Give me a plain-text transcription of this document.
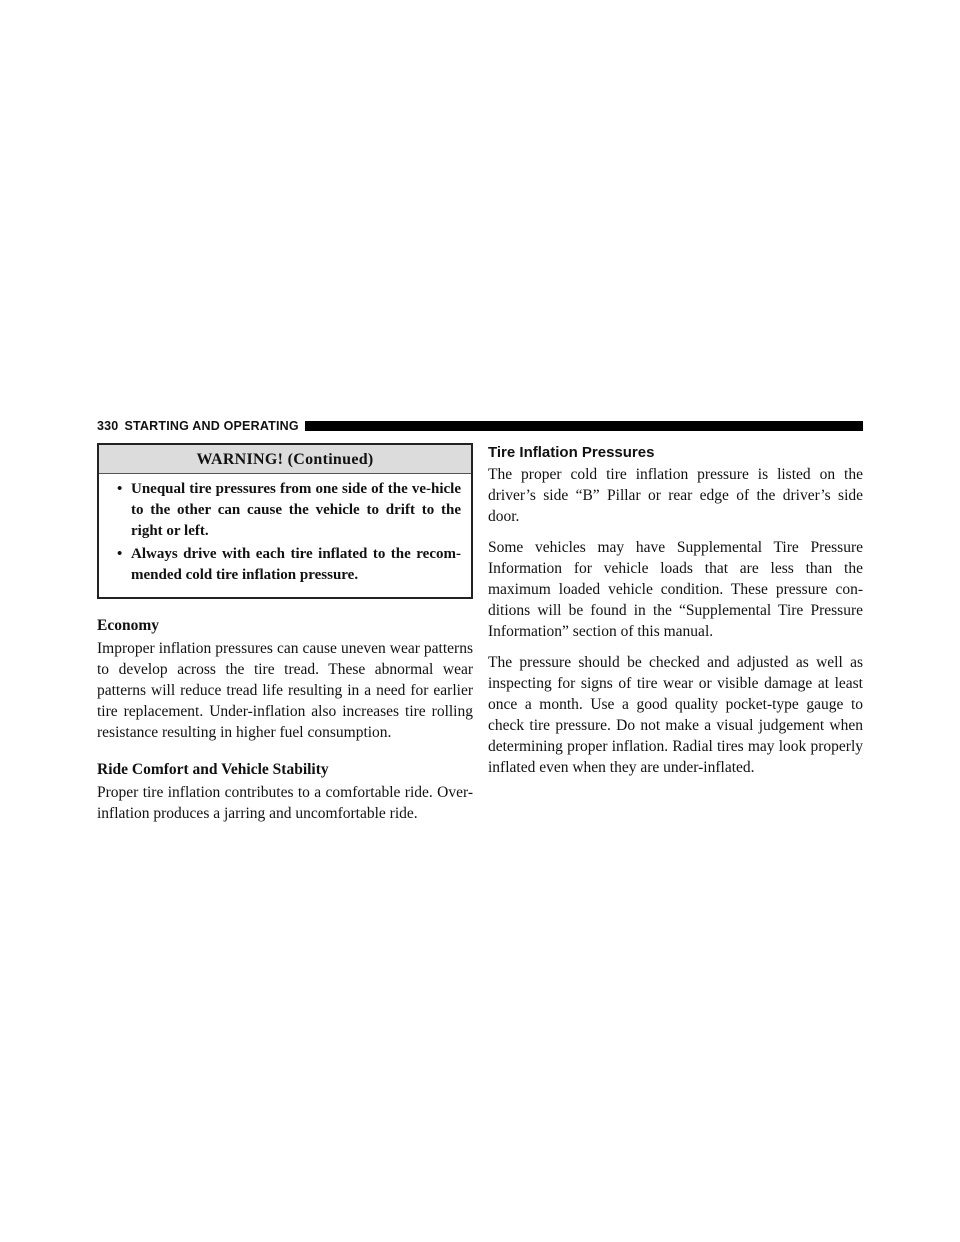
330 STARTING AND OPERATING
WARNING! (Continued)
• Unequal tire pressures from one side of the ve-hicle to the other can cause the vehicle to drift to the right or left.
• Always drive with each tire inflated to the recom-mended cold tire inflation pressure.
Economy

Improper inflation pressures can cause uneven wear patterns to develop across the tire tread. These abnormal wear patterns will reduce tread life resulting in a need for earlier tire replacement. Under-inflation also increases tire rolling resistance resulting in higher fuel consumption.

Ride Comfort and Vehicle Stability

Proper tire inflation contributes to a comfortable ride. Over-inflation produces a jarring and uncomfortable ride.

Tire Inflation Pressures

The proper cold tire inflation pressure is listed on the driver’s side “B” Pillar or rear edge of the driver’s side door.

Some vehicles may have Supplemental Tire Pressure Information for vehicle loads that are less than the maximum loaded vehicle condition. These pressure con-ditions will be found in the “Supplemental Tire Pressure Information” section of this manual.

The pressure should be checked and adjusted as well as inspecting for signs of tire wear or visible damage at least once a month. Use a good quality pocket-type gauge to check tire pressure. Do not make a visual judgement when determining proper inflation. Radial tires may look properly inflated even when they are under-inflated.
